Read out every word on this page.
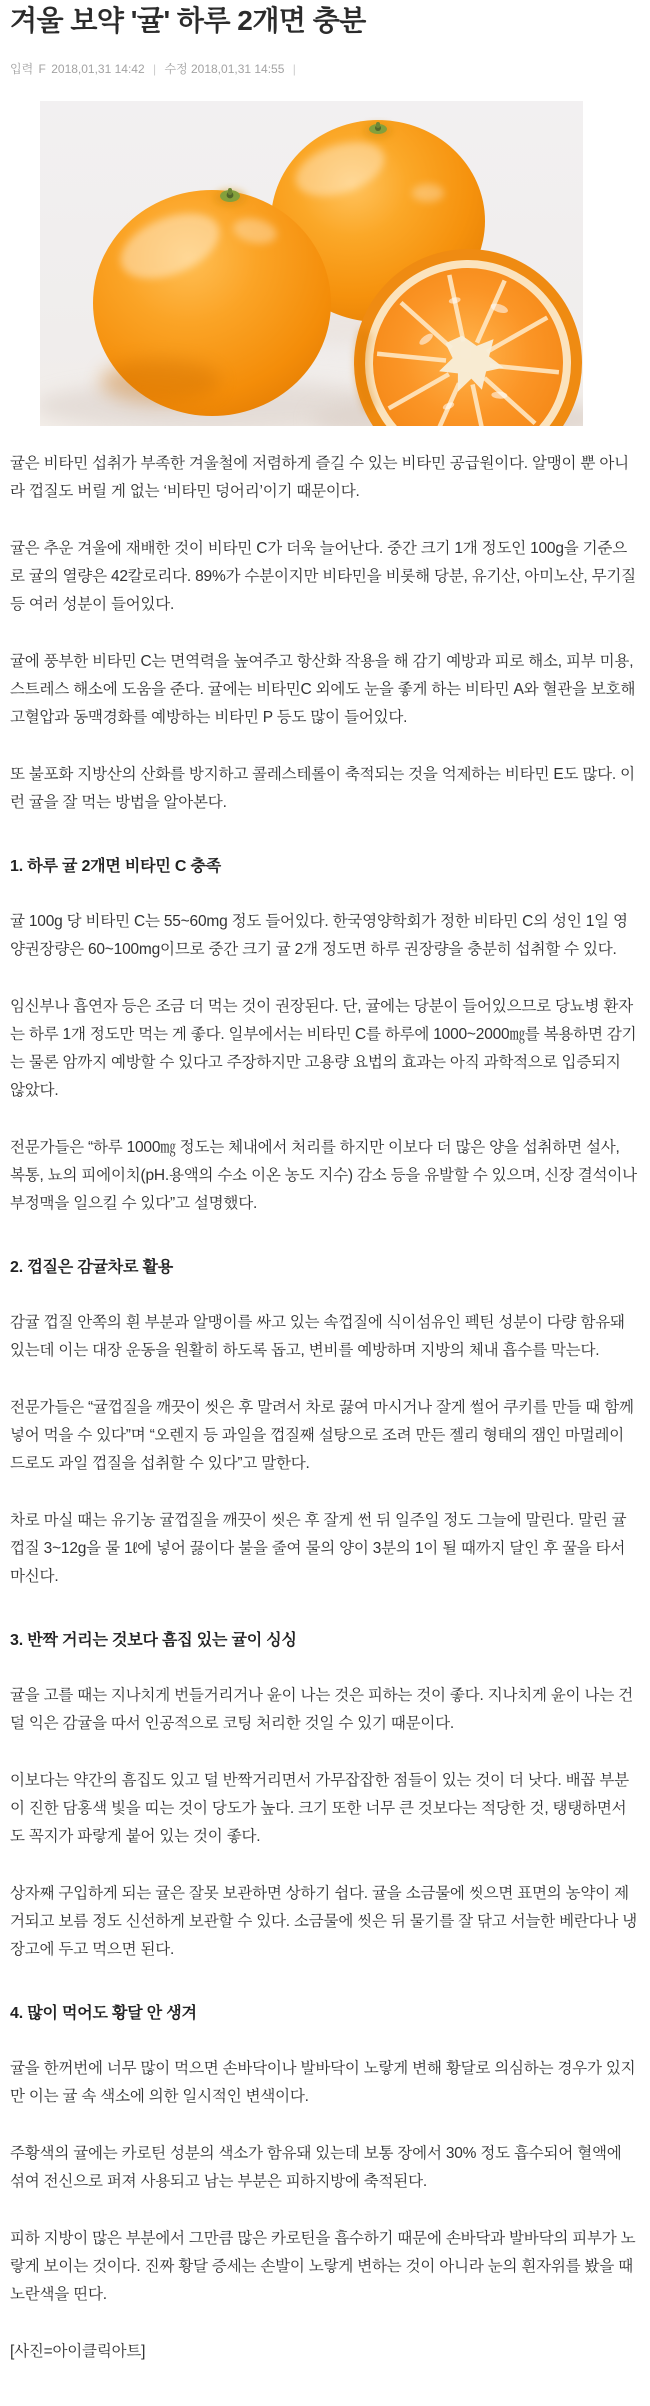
겨울 보약 '귤' 하루 2개면 충분
입력 F 2018,01,31 14:42 | 수정 2018,01,31 14:55 |

귤은 비타민 섭취가 부족한 겨울철에 저렴하게 즐길 수 있는 비타민 공급원이다. 알맹이 뿐 아니라 껍질도 버릴 게 없는 ‘비타민 덩어리’이기 때문이다.

귤은 추운 겨울에 재배한 것이 비타민 C가 더욱 늘어난다. 중간 크기 1개 정도인 100g을 기준으로 귤의 열량은 42칼로리다. 89%가 수분이지만 비타민을 비롯해 당분, 유기산, 아미노산, 무기질 등 여러 성분이 들어있다.

귤에 풍부한 비타민 C는 면역력을 높여주고 항산화 작용을 해 감기 예방과 피로 해소, 피부 미용, 스트레스 해소에 도움을 준다. 귤에는 비타민C 외에도 눈을 좋게 하는 비타민 A와 혈관을 보호해 고혈압과 동맥경화를 예방하는 비타민 P 등도 많이 들어있다.

또 불포화 지방산의 산화를 방지하고 콜레스테롤이 축적되는 것을 억제하는 비타민 E도 많다. 이런 귤을 잘 먹는 방법을 알아본다.

1. 하루 귤 2개면 비타민 C 충족

귤 100g 당 비타민 C는 55~60mg 정도 들어있다. 한국영양학회가 정한 비타민 C의 성인 1일 영양권장량은 60~100mg이므로 중간 크기 귤 2개 정도면 하루 권장량을 충분히 섭취할 수 있다.

임신부나 흡연자 등은 조금 더 먹는 것이 권장된다. 단, 귤에는 당분이 들어있으므로 당뇨병 환자는 하루 1개 정도만 먹는 게 좋다. 일부에서는 비타민 C를 하루에 1000~2000㎎를 복용하면 감기는 물론 암까지 예방할 수 있다고 주장하지만 고용량 요법의 효과는 아직 과학적으로 입증되지 않았다.

전문가들은 “하루 1000㎎ 정도는 체내에서 처리를 하지만 이보다 더 많은 양을 섭취하면 설사, 복통, 뇨의 피에이치(pH.용액의 수소 이온 농도 지수) 감소 등을 유발할 수 있으며, 신장 결석이나 부정맥을 일으킬 수 있다”고 설명했다.

2. 껍질은 감귤차로 활용

감귤 껍질 안쪽의 흰 부분과 알맹이를 싸고 있는 속껍질에 식이섬유인 펙틴 성분이 다량 함유돼 있는데 이는 대장 운동을 원활히 하도록 돕고, 변비를 예방하며 지방의 체내 흡수를 막는다.

전문가들은 “귤껍질을 깨끗이 씻은 후 말려서 차로 끓여 마시거나 잘게 썰어 쿠키를 만들 때 함께 넣어 먹을 수 있다”며 “오렌지 등 과일을 껍질째 설탕으로 조려 만든 젤리 형태의 잼인 마멀레이드로도 과일 껍질을 섭취할 수 있다”고 말한다.

차로 마실 때는 유기농 귤껍질을 깨끗이 씻은 후 잘게 썬 뒤 일주일 정도 그늘에 말린다. 말린 귤껍질 3~12g을 물 1ℓ에 넣어 끓이다 불을 줄여 물의 양이 3분의 1이 될 때까지 달인 후 꿀을 타서 마신다.

3. 반짝 거리는 것보다 흠집 있는 귤이 싱싱

귤을 고를 때는 지나치게 번들거리거나 윤이 나는 것은 피하는 것이 좋다. 지나치게 윤이 나는 건 덜 익은 감귤을 따서 인공적으로 코팅 처리한 것일 수 있기 때문이다.

이보다는 약간의 흠집도 있고 덜 반짝거리면서 가무잡잡한 점들이 있는 것이 더 낫다. 배꼽 부분이 진한 담홍색 빛을 띠는 것이 당도가 높다. 크기 또한 너무 큰 것보다는 적당한 것, 탱탱하면서도 꼭지가 파랗게 붙어 있는 것이 좋다.

상자째 구입하게 되는 귤은 잘못 보관하면 상하기 쉽다. 귤을 소금물에 씻으면 표면의 농약이 제거되고 보름 정도 신선하게 보관할 수 있다. 소금물에 씻은 뒤 물기를 잘 닦고 서늘한 베란다나 냉장고에 두고 먹으면 된다.

4. 많이 먹어도 황달 안 생겨

귤을 한꺼번에 너무 많이 먹으면 손바닥이나 발바닥이 노랗게 변해 황달로 의심하는 경우가 있지만 이는 귤 속 색소에 의한 일시적인 변색이다.

주황색의 귤에는 카로틴 성분의 색소가 함유돼 있는데 보통 장에서 30% 정도 흡수되어 혈액에 섞여 전신으로 퍼져 사용되고 남는 부분은 피하지방에 축적된다.

피하 지방이 많은 부분에서 그만큼 많은 카로틴을 흡수하기 때문에 손바닥과 발바닥의 피부가 노랗게 보이는 것이다. 진짜 황달 증세는 손발이 노랗게 변하는 것이 아니라 눈의 흰자위를 봤을 때 노란색을 띤다.

[사진=아이클릭아트]
